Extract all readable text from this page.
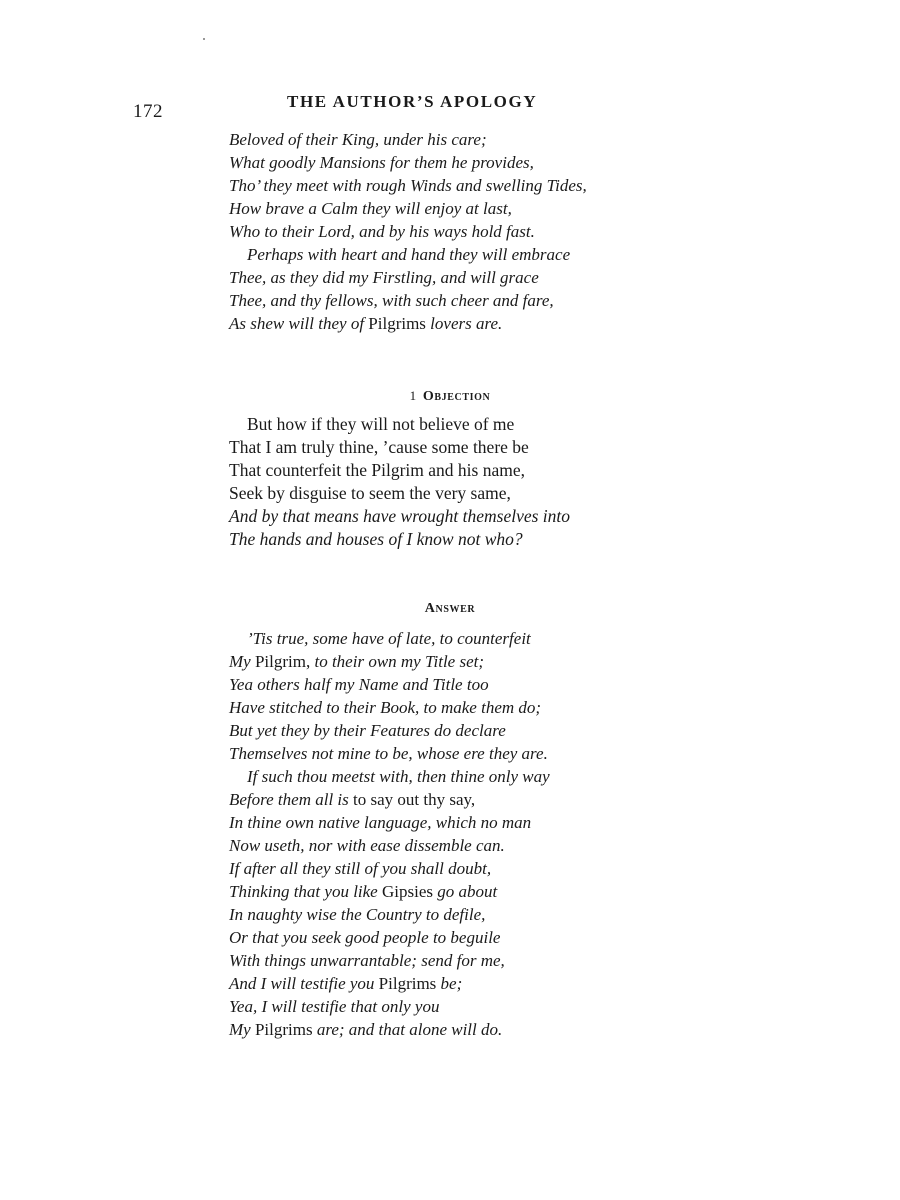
172	THE AUTHOR’S APOLOGY
Beloved of their King, under his care;
What goodly Mansions for them he provides,
Tho’ they meet with rough Winds and swelling Tides,
How brave a Calm they will enjoy at last,
Who to their Lord, and by his ways hold fast.
Perhaps with heart and hand they will embrace
Thee, as they did my Firstling, and will grace
Thee, and thy fellows, with such cheer and fare,
As shew will they of Pilgrims lovers are.
1 Objection
But how if they will not believe of me
That I am truly thine, ’cause some there be
That counterfeit the Pilgrim and his name,
Seek by disguise to seem the very same,
And by that means have wrought themselves into
The hands and houses of I know not who?
Answer
’Tis true, some have of late, to counterfeit
My Pilgrim, to their own my Title set;
Yea others half my Name and Title too
Have stitched to their Book, to make them do;
But yet they by their Features do declare
Themselves not mine to be, whose ere they are.
If such thou meetst with, then thine only way
Before them all is to say out thy say,
In thine own native language, which no man
Now useth, nor with ease dissemble can.
If after all they still of you shall doubt,
Thinking that you like Gipsies go about
In naughty wise the Country to defile,
Or that you seek good people to beguile
With things unwarrantable; send for me,
And I will testifie you Pilgrims be;
Yea, I will testifie that only you
My Pilgrims are; and that alone will do.
